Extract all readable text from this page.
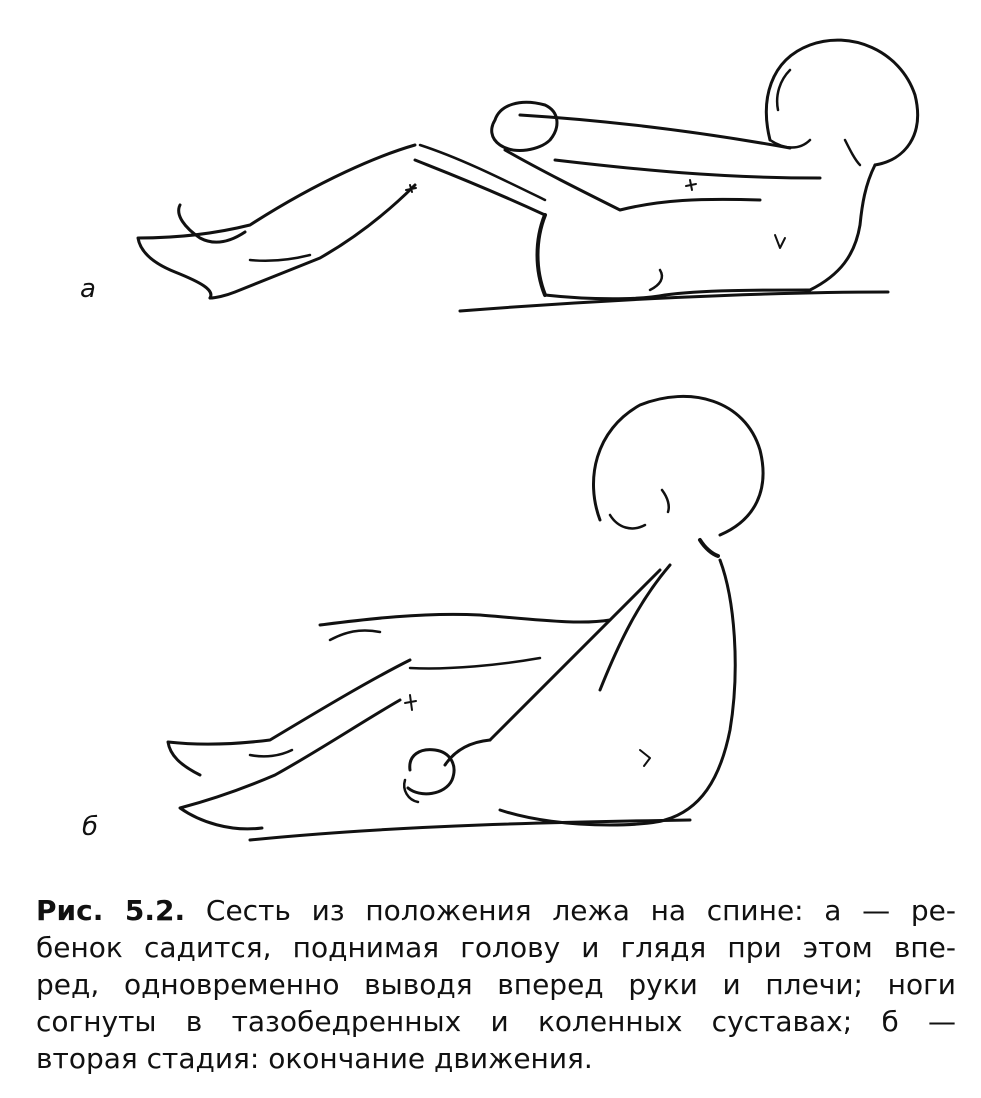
а
б
Рис. 5.2. Сесть из положения лежа на спине: а — ре-
бенок садится, поднимая голову и глядя при этом впе-
ред, одновременно выводя вперед руки и плечи; ноги
согнуты в тазобедренных и коленных суставах; б —
вторая стадия: окончание движения.
